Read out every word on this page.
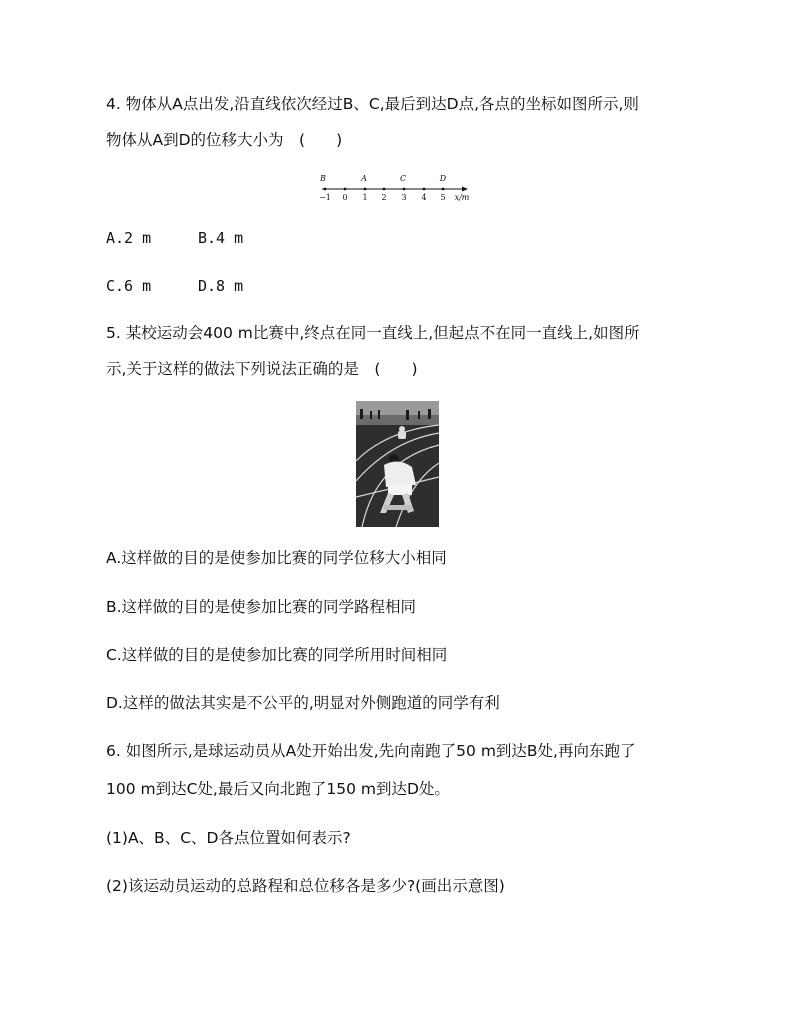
4. 物体从A点出发,沿直线依次经过B、C,最后到达D点,各点的坐标如图所示,则
物体从A到D的位移大小为　(　　)
B	A	C	D
−1 0 1 2 3 4 5 x/m
A.2 m	B.4 m
C.6 m	D.8 m
5. 某校运动会400 m比赛中,终点在同一直线上,但起点不在同一直线上,如图所
示,关于这样的做法下列说法正确的是　(　　)
A.这样做的目的是使参加比赛的同学位移大小相同
B.这样做的目的是使参加比赛的同学路程相同
C.这样做的目的是使参加比赛的同学所用时间相同
D.这样的做法其实是不公平的,明显对外侧跑道的同学有利
6. 如图所示,是球运动员从A处开始出发,先向南跑了50 m到达B处,再向东跑了
100 m到达C处,最后又向北跑了150 m到达D处。
(1)A、B、C、D各点位置如何表示?
(2)该运动员运动的总路程和总位移各是多少?(画出示意图)
